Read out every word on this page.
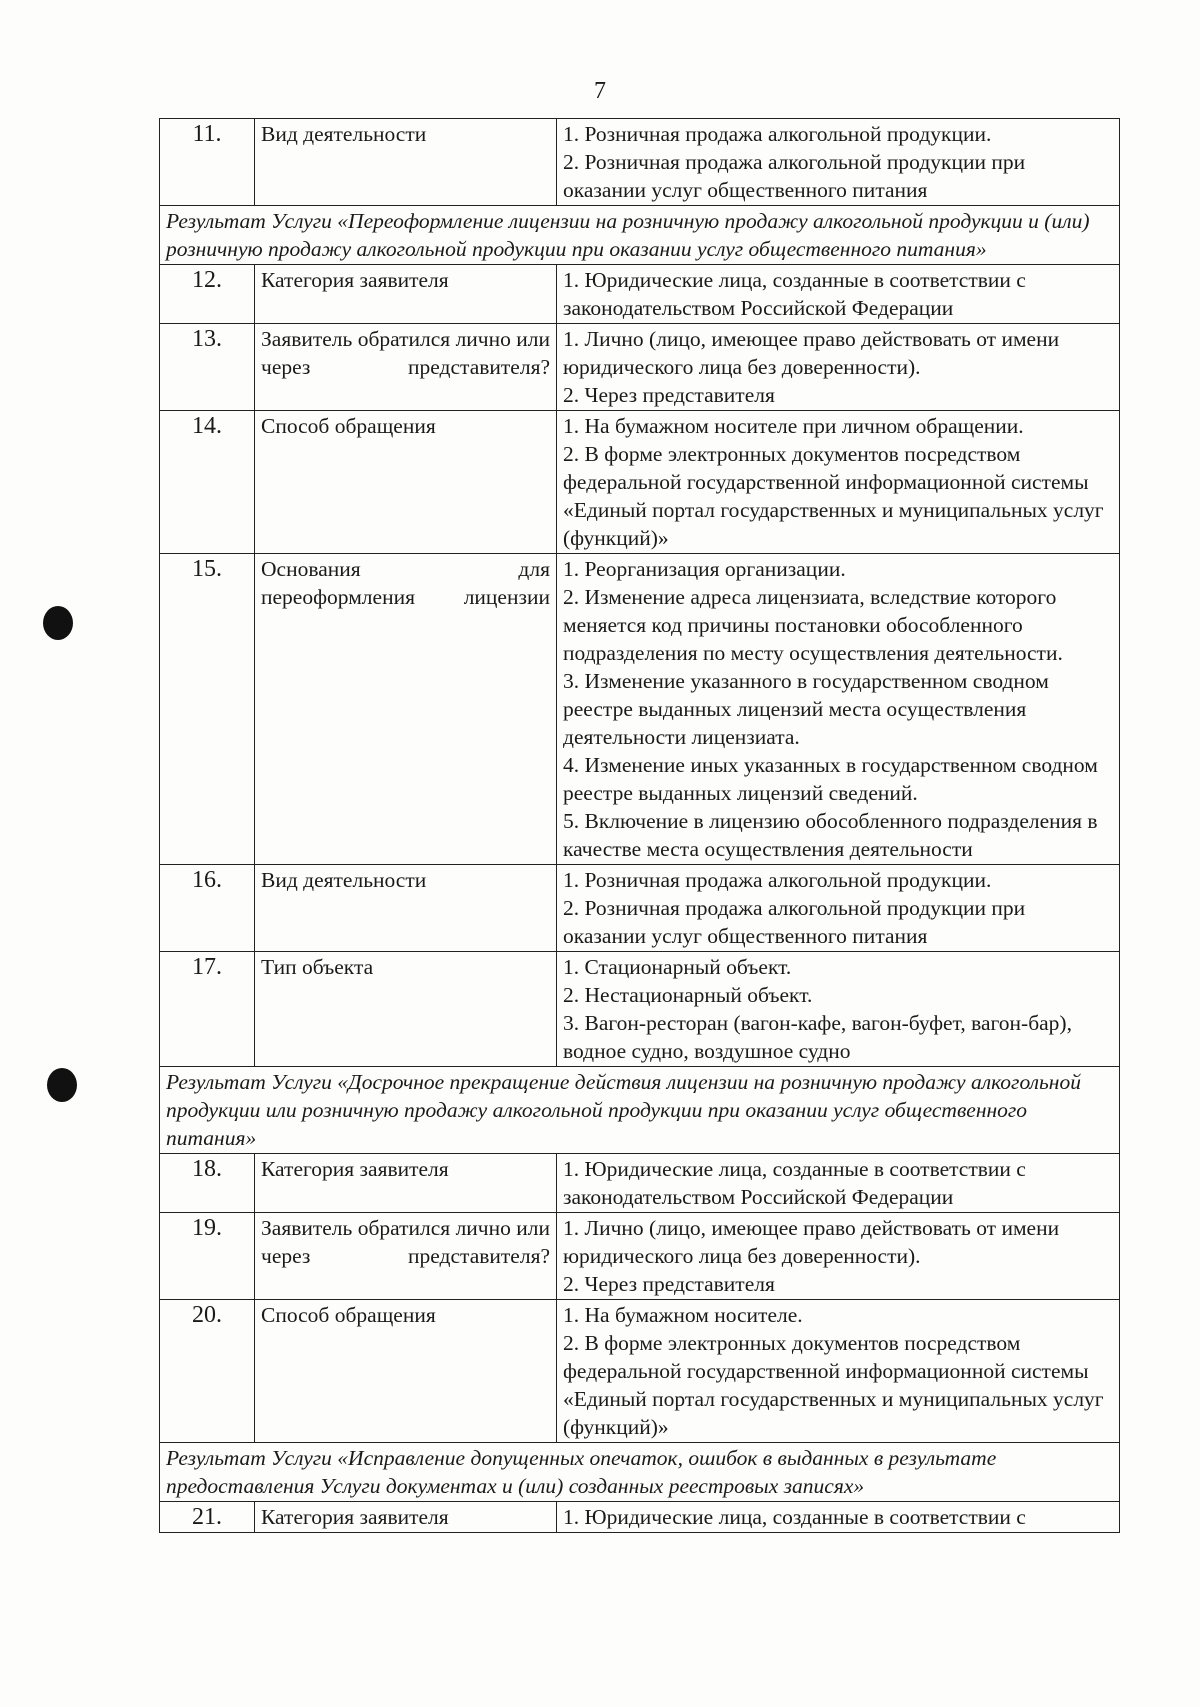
7
11.	Вид деятельности	1. Розничная продажа алкогольной продукции.
2. Розничная продажа алкогольной продукции при оказании услуг общественного питания

Результат Услуги «Переоформление лицензии на розничную продажу алкогольной продукции и (или) розничную продажу алкогольной продукции при оказании услуг общественного питания»		
12.	Категория заявителя	1. Юридические лица, созданные в соответствии с законодательством Российской Федерации

13.	Заявитель обратился лично или через представителя?	1. Лично (лицо, имеющее право действовать от имени юридического лица без доверенности).
2. Через представителя

14.	Способ обращения	1. На бумажном носителе при личном обращении.
2. В форме электронных документов посредством федеральной государственной информационной системы «Единый портал государственных и муниципальных услуг (функций)»

15.	Основания для переоформления лицензии	1. Реорганизация организации.
2. Изменение адреса лицензиата, вследствие которого меняется код причины постановки обособленного подразделения по месту осуществления деятельности.
3. Изменение указанного в государственном сводном реестре выданных лицензий места осуществления деятельности лицензиата.
4. Изменение иных указанных в государственном сводном реестре выданных лицензий сведений.
5. Включение в лицензию обособленного подразделения в качестве места осуществления деятельности

16.	Вид деятельности	1. Розничная продажа алкогольной продукции.
2. Розничная продажа алкогольной продукции при оказании услуг общественного питания

17.	Тип объекта	1. Стационарный объект.
2. Нестационарный объект.
3. Вагон-ресторан (вагон-кафе, вагон-буфет, вагон-бар), водное судно, воздушное судно

Результат Услуги «Досрочное прекращение действия лицензии на розничную продажу алкогольной продукции или розничную продажу алкогольной продукции при оказании услуг общественного питания»		
18.	Категория заявителя	1. Юридические лица, созданные в соответствии с законодательством Российской Федерации

19.	Заявитель обратился лично или через представителя?	1. Лично (лицо, имеющее право действовать от имени юридического лица без доверенности).
2. Через представителя

20.	Способ обращения	1. На бумажном носителе.
2. В форме электронных документов посредством федеральной государственной информационной системы «Единый портал государственных и муниципальных услуг (функций)»

Результат Услуги «Исправление допущенных опечаток, ошибок в выданных в результате предоставления Услуги документах и (или) созданных реестровых записях»		
21.	Категория заявителя	1. Юридические лица, созданные в соответствии с
